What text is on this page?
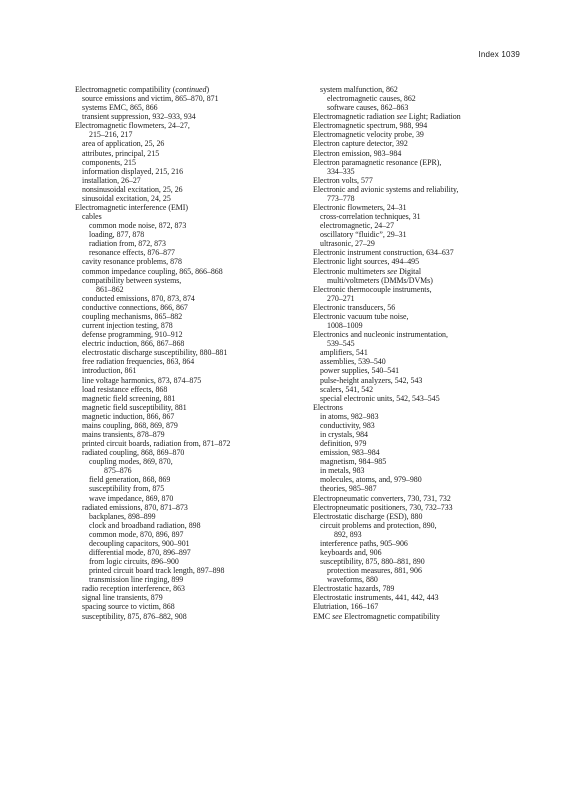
Index 1039
Electromagnetic compatibility (continued)
source emissions and victim, 865–870, 871
systems EMC, 865, 866
transient suppression, 932–933, 934
Electromagnetic flowmeters, 24–27,
215–216, 217
area of application, 25, 26
attributes, principal, 215
components, 215
information displayed, 215, 216
installation, 26–27
nonsinusoidal excitation, 25, 26
sinusoidal excitation, 24, 25
Electromagnetic interference (EMI)
cables
common mode noise, 872, 873
loading, 877, 878
radiation from, 872, 873
resonance effects, 876–877
cavity resonance problems, 878
common impedance coupling, 865, 866–868
compatibility between systems,
861–862
conducted emissions, 870, 873, 874
conductive connections, 866, 867
coupling mechanisms, 865–882
current injection testing, 878
defense programming, 910–912
electric induction, 866, 867–868
electrostatic discharge susceptibility, 880–881
free radiation frequencies, 863, 864
introduction, 861
line voltage harmonics, 873, 874–875
load resistance effects, 868
magnetic field screening, 881
magnetic field susceptibility, 881
magnetic induction, 866, 867
mains coupling, 868, 869, 879
mains transients, 878–879
printed circuit boards, radiation from, 871–872
radiated coupling, 868, 869–870
coupling modes, 869, 870,
875–876
field generation, 868, 869
susceptibility from, 875
wave impedance, 869, 870
radiated emissions, 870, 871–873
backplanes, 898–899
clock and broadband radiation, 898
common mode, 870, 896, 897
decoupling capacitors, 900–901
differential mode, 870, 896–897
from logic circuits, 896–900
printed circuit board track length, 897–898
transmission line ringing, 899
radio reception interference, 863
signal line transients, 879
spacing source to victim, 868
susceptibility, 875, 876–882, 908
system malfunction, 862
electromagnetic causes, 862
software causes, 862–863
Electromagnetic radiation see Light; Radiation
Electromagnetic spectrum, 988, 994
Electromagnetic velocity probe, 39
Electron capture detector, 392
Electron emission, 983–984
Electron paramagnetic resonance (EPR),
334–335
Electron volts, 577
Electronic and avionic systems and reliability,
773–778
Electronic flowmeters, 24–31
cross-correlation techniques, 31
electromagnetic, 24–27
oscillatory “fluidic”, 29–31
ultrasonic, 27–29
Electronic instrument construction, 634–637
Electronic light sources, 494–495
Electronic multimeters see Digital
multi/voltmeters (DMMs/DVMs)
Electronic thermocouple instruments,
270–271
Electronic transducers, 56
Electronic vacuum tube noise,
1008–1009
Electronics and nucleonic instrumentation,
539–545
amplifiers, 541
assemblies, 539–540
power supplies, 540–541
pulse-height analyzers, 542, 543
scalers, 541, 542
special electronic units, 542, 543–545
Electrons
in atoms, 982–983
conductivity, 983
in crystals, 984
definition, 979
emission, 983–984
magnetism, 984–985
in metals, 983
molecules, atoms, and, 979–980
theories, 985–987
Electropneumatic converters, 730, 731, 732
Electropneumatic positioners, 730, 732–733
Electrostatic discharge (ESD), 880
circuit problems and protection, 890,
892, 893
interference paths, 905–906
keyboards and, 906
susceptibility, 875, 880–881, 890
protection measures, 881, 906
waveforms, 880
Electrostatic hazards, 789
Electrostatic instruments, 441, 442, 443
Elutriation, 166–167
EMC see Electromagnetic compatibility
